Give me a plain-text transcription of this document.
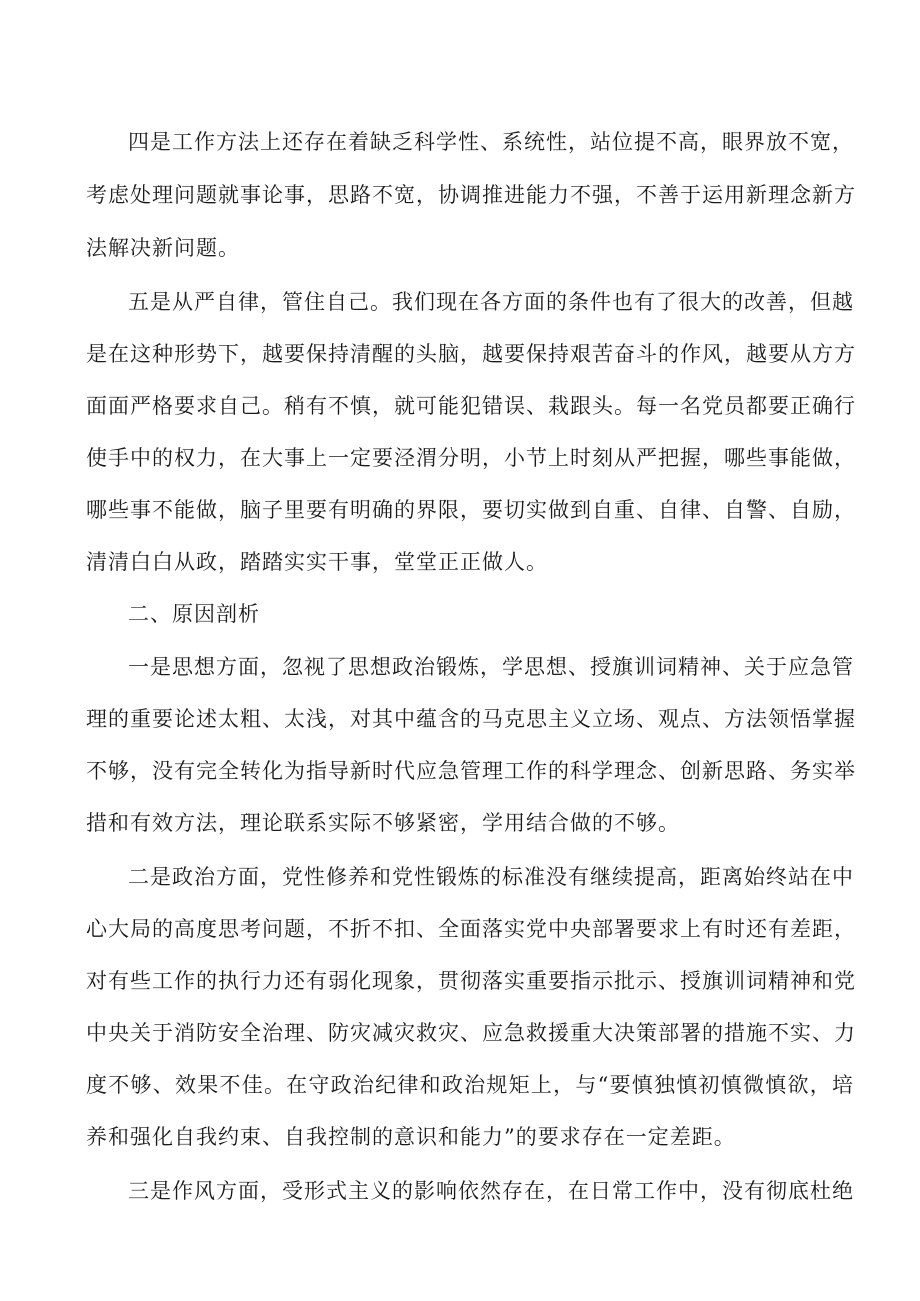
四是工作方法上还存在着缺乏科学性、系统性，站位提不高，眼界放不宽，
考虑处理问题就事论事，思路不宽，协调推进能力不强，不善于运用新理念新方
法解决新问题。
五是从严自律，管住自己。我们现在各方面的条件也有了很大的改善，但越
是在这种形势下，越要保持清醒的头脑，越要保持艰苦奋斗的作风，越要从方方
面面严格要求自己。稍有不慎，就可能犯错误、栽跟头。每一名党员都要正确行
使手中的权力，在大事上一定要泾渭分明，小节上时刻从严把握，哪些事能做，
哪些事不能做，脑子里要有明确的界限，要切实做到自重、自律、自警、自励，
清清白白从政，踏踏实实干事，堂堂正正做人。
二、原因剖析
一是思想方面，忽视了思想政治锻炼，学思想、授旗训词精神、关于应急管
理的重要论述太粗、太浅，对其中蕴含的马克思主义立场、观点、方法领悟掌握
不够，没有完全转化为指导新时代应急管理工作的科学理念、创新思路、务实举
措和有效方法，理论联系实际不够紧密，学用结合做的不够。
二是政治方面，党性修养和党性锻炼的标准没有继续提高，距离始终站在中
心大局的高度思考问题，不折不扣、全面落实党中央部署要求上有时还有差距，
对有些工作的执行力还有弱化现象，贯彻落实重要指示批示、授旗训词精神和党
中央关于消防安全治理、防灾减灾救灾、应急救援重大决策部署的措施不实、力
度不够、效果不佳。在守政治纪律和政治规矩上，与“要慎独慎初慎微慎欲，培
养和强化自我约束、自我控制的意识和能力”的要求存在一定差距。
三是作风方面，受形式主义的影响依然存在，在日常工作中，没有彻底杜绝
